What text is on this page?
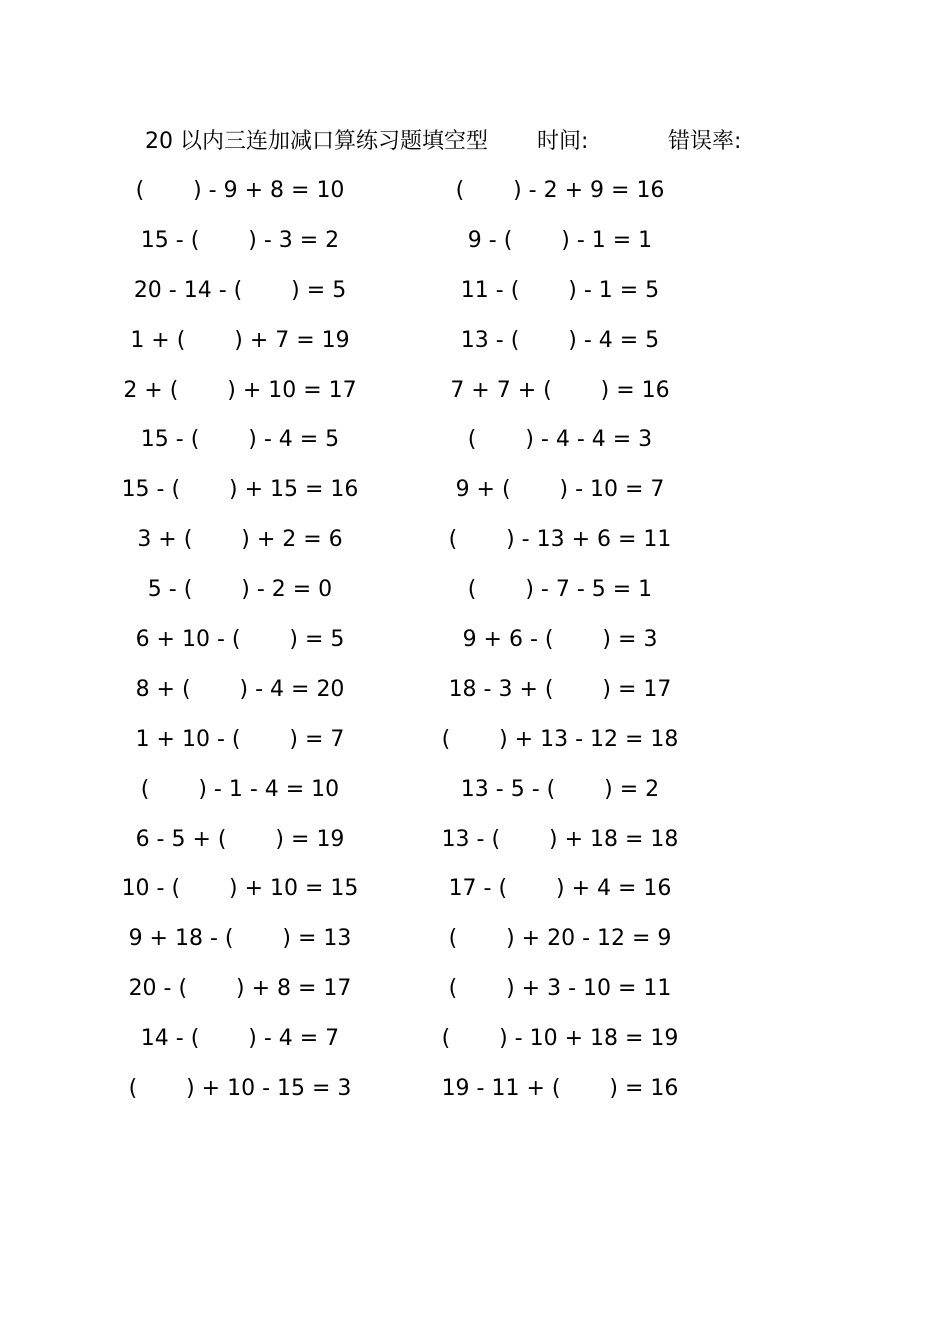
20 以内三连加减口算练习题填空型

时间:

	错误率:

(       ) - 9 + 8 = 10
15 - (       ) - 3 = 2
20 - 14 - (       ) = 5
1 + (       ) + 7 = 19
2 + (       ) + 10 = 17
15 - (       ) - 4 = 5
15 - (       ) + 15 = 16
3 + (       ) + 2 = 6
5 - (       ) - 2 = 0
6 + 10 - (       ) = 5
8 + (       ) - 4 = 20
1 + 10 - (       ) = 7
(       ) - 1 - 4 = 10
6 - 5 + (       ) = 19
10 - (       ) + 10 = 15
9 + 18 - (       ) = 13
20 - (       ) + 8 = 17
14 - (       ) - 4 = 7
(       ) + 10 - 15 = 3
(       ) - 2 + 9 = 16
9 - (       ) - 1 = 1
11 - (       ) - 1 = 5
13 - (       ) - 4 = 5
7 + 7 + (       ) = 16
(       ) - 4 - 4 = 3
9 + (       ) - 10 = 7
(       ) - 13 + 6 = 11
(       ) - 7 - 5 = 1
9 + 6 - (       ) = 3
18 - 3 + (       ) = 17
(       ) + 13 - 12 = 18
13 - 5 - (       ) = 2
13 - (       ) + 18 = 18
17 - (       ) + 4 = 16
(       ) + 20 - 12 = 9
(       ) + 3 - 10 = 11
(       ) - 10 + 18 = 19
19 - 11 + (       ) = 16
